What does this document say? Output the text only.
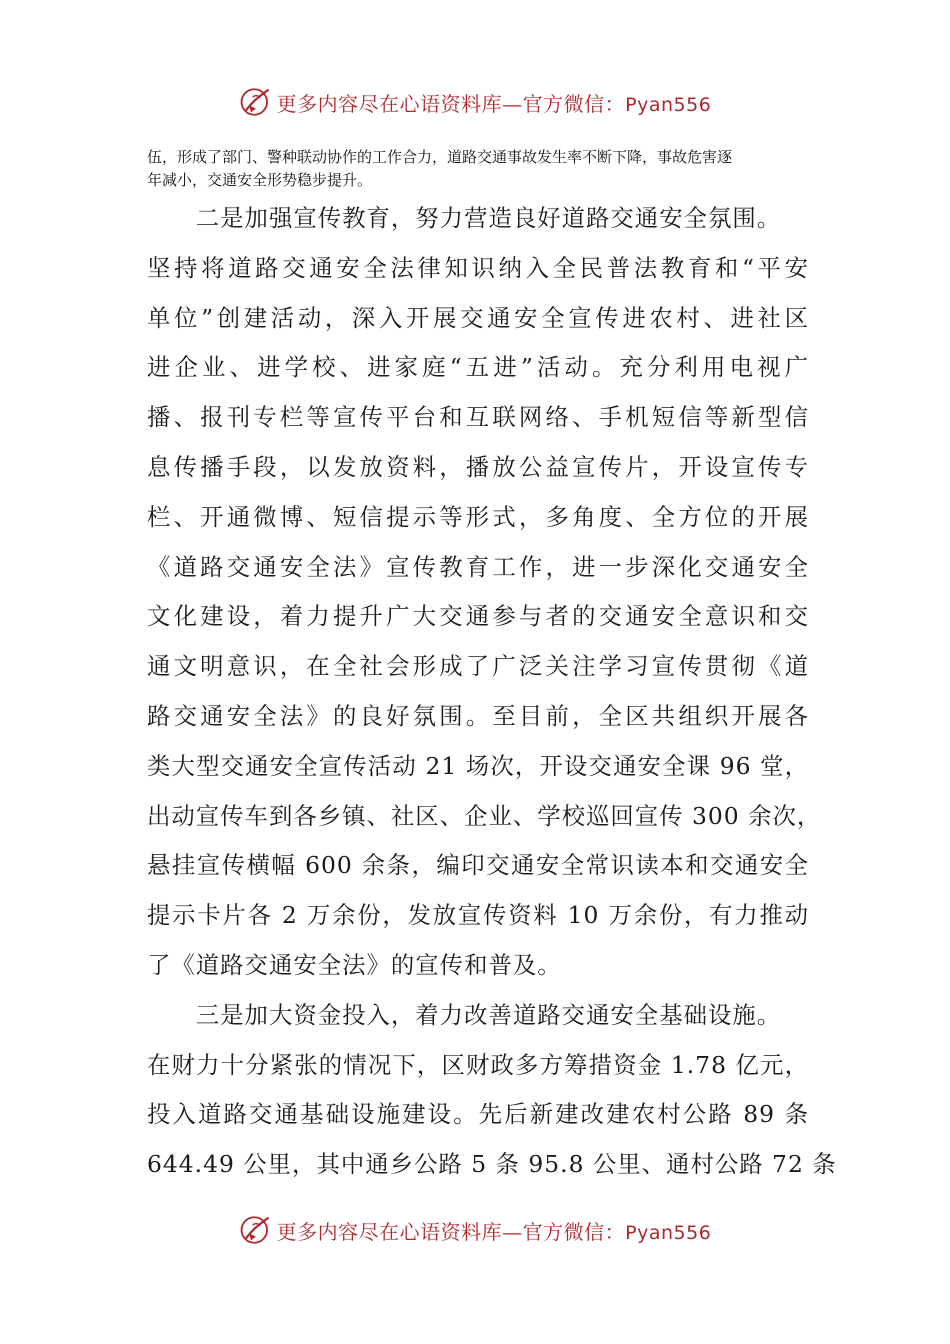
更多内容尽在心语资料库—官方微信：Pyan556
伍，形成了部门、警种联动协作的工作合力，道路交通事故发生率不断下降，事故危害逐
年减小，交通安全形势稳步提升。
　　二是加强宣传教育，努力营造良好道路交通安全氛围。
坚持将道路交通安全法律知识纳入全民普法教育和“平安
单位”创建活动，深入开展交通安全宣传进农村、进社区
进企业、进学校、进家庭“五进”活动。充分利用电视广
播、报刊专栏等宣传平台和互联网络、手机短信等新型信
息传播手段，以发放资料，播放公益宣传片，开设宣传专
栏、开通微博、短信提示等形式，多角度、全方位的开展
《道路交通安全法》宣传教育工作，进一步深化交通安全
文化建设，着力提升广大交通参与者的交通安全意识和交
通文明意识，在全社会形成了广泛关注学习宣传贯彻《道
路交通安全法》的良好氛围。至目前，全区共组织开展各
类大型交通安全宣传活动 21 场次，开设交通安全课 96 堂，
出动宣传车到各乡镇、社区、企业、学校巡回宣传 300 余次，
悬挂宣传横幅 600 余条，编印交通安全常识读本和交通安全
提示卡片各 2 万余份，发放宣传资料 10 万余份，有力推动
了《道路交通安全法》的宣传和普及。
　　三是加大资金投入，着力改善道路交通安全基础设施。
在财力十分紧张的情况下，区财政多方筹措资金 1.78 亿元，
投入道路交通基础设施建设。先后新建改建农村公路 89 条
644.49 公里，其中通乡公路 5 条 95.8 公里、通村公路 72 条
更多内容尽在心语资料库—官方微信：Pyan556
